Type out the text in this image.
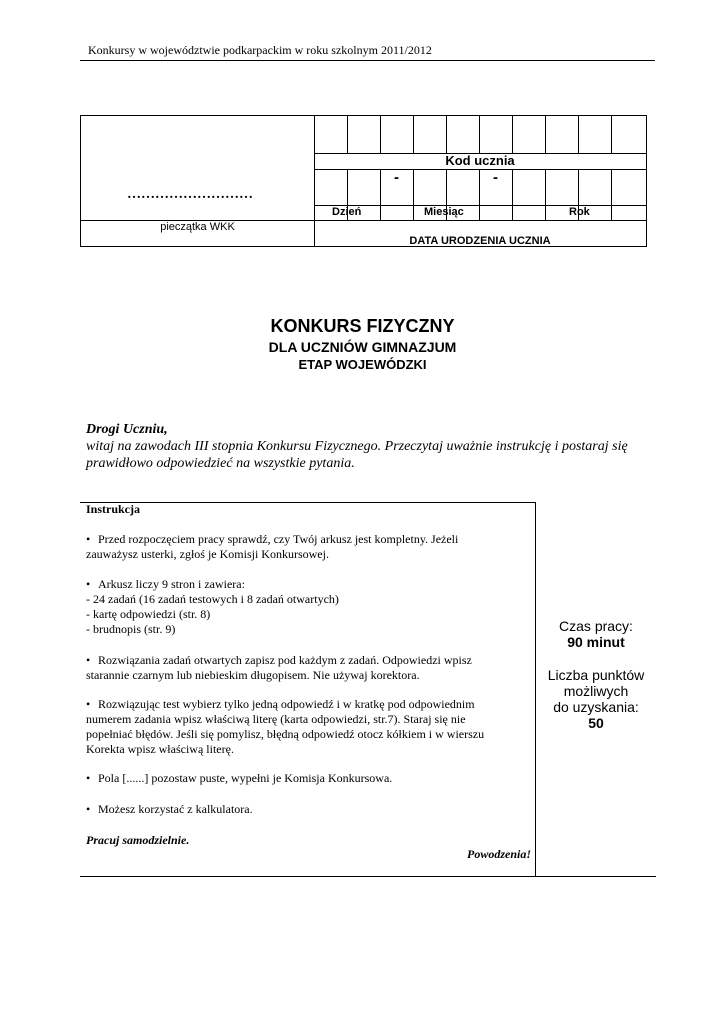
Konkursy w województwie podkarpackim w roku szkolnym 2011/2012
Kod ucznia
-	-
Dzień	Miesiąc	Rok
………………………
pieczątka WKK
DATA URODZENIA UCZNIA
KONKURS FIZYCZNY
DLA UCZNIÓW GIMNAZJUM
ETAP WOJEWÓDZKI
Drogi Uczniu,
witaj na zawodach III stopnia Konkursu Fizycznego. Przeczytaj uważnie instrukcję i postaraj się
prawidłowo odpowiedzieć na wszystkie pytania.
Instrukcja
• Przed rozpoczęciem pracy sprawdź, czy Twój arkusz jest kompletny. Jeżeli
zauważysz usterki, zgłoś je Komisji Konkursowej.
• Arkusz liczy 9 stron i zawiera:
- 24 zadań (16 zadań testowych i 8 zadań otwartych)
- kartę odpowiedzi (str. 8)
- brudnopis (str. 9)
• Rozwiązania zadań otwartych zapisz pod każdym z zadań. Odpowiedzi wpisz
starannie czarnym lub niebieskim długopisem. Nie używaj korektora.
• Rozwiązując test wybierz tylko jedną odpowiedź i w kratkę pod odpowiednim
numerem zadania wpisz właściwą literę (karta odpowiedzi, str.7). Staraj się nie
popełniać błędów. Jeśli się pomylisz, błędną odpowiedź otocz kółkiem i w wierszu
Korekta wpisz właściwą literę.
• Pola [......] pozostaw puste, wypełni je Komisja Konkursowa.
• Możesz korzystać z kalkulatora.
Pracuj samodzielnie.
Powodzenia!
Czas pracy:
90 minut
Liczba punktów
możliwych
do uzyskania:
50
